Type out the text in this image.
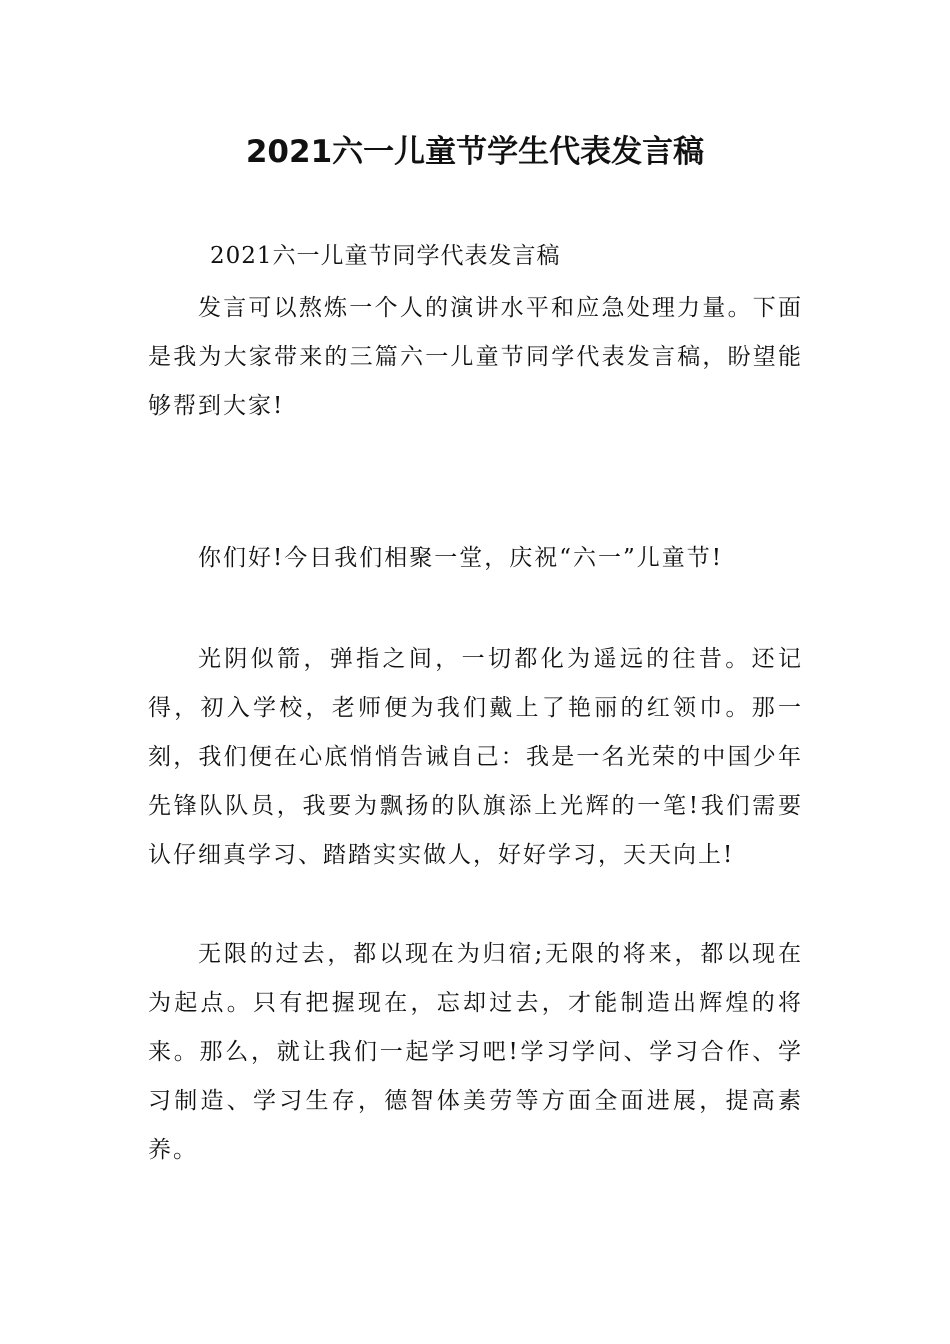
2021六一儿童节学生代表发言稿

2021六一儿童节同学代表发言稿

发言可以熬炼一个人的演讲水平和应急处理力量。下面是我为大家带来的三篇六一儿童节同学代表发言稿，盼望能够帮到大家!

你们好!今日我们相聚一堂，庆祝“六一”儿童节!

光阴似箭，弹指之间，一切都化为遥远的往昔。还记得，初入学校，老师便为我们戴上了艳丽的红领巾。那一刻，我们便在心底悄悄告诫自己：我是一名光荣的中国少年先锋队队员，我要为飘扬的队旗添上光辉的一笔!我们需要认仔细真学习、踏踏实实做人，好好学习，天天向上!

无限的过去，都以现在为归宿;无限的将来，都以现在为起点。只有把握现在，忘却过去，才能制造出辉煌的将来。那么，就让我们一起学习吧!学习学问、学习合作、学习制造、学习生存，德智体美劳等方面全面进展，提高素养。
